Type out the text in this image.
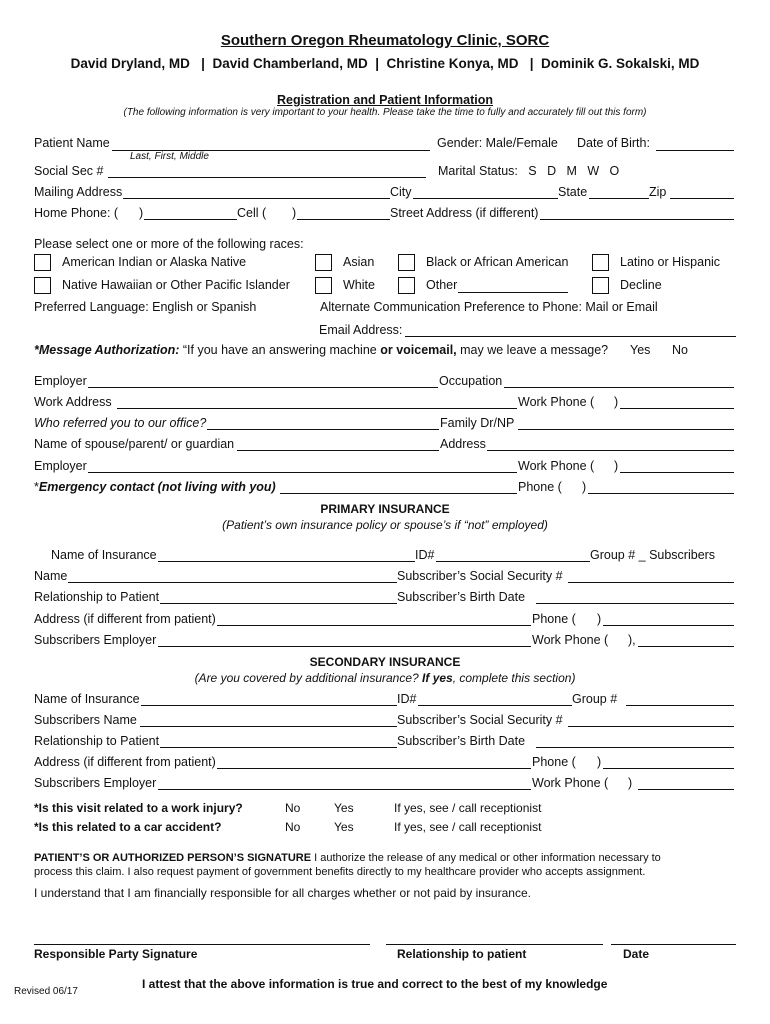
Southern Oregon Rheumatology Clinic, SORC
David Dryland, MD   |  David Chamberland, MD  |  Christine Konya, MD   |  Dominik G. Sokalski, MD
Registration and Patient Information
(The following information is very important to your health. Please take the time to fully and accurately fill out this form)
Patient Name
Last, First, Middle
Gender: Male/Female Date of Birth:
Social Sec #	Marital Status:   S   D   M   W   O
Mailing Address	City	State	Zip
Home Phone: ( )	Cell ( )	Street Address (if different)
Please select one or more of the following races:
American Indian or Alaska Native	Asian	Black or African American	Latino or Hispanic
Native Hawaiian or Other Pacific Islander	White	Other	Decline
Preferred Language: English or Spanish	Alternate Communication Preference to Phone: Mail or Email
Email Address:
*Message Authorization: “If you have an answering machine or voicemail, may we leave a message? Yes No
Employer	Occupation
Work Address	Work Phone ( )
Who referred you to our office?	Family Dr/NP
Name of spouse/parent/ or guardian	Address
Employer	Work Phone ( )
*Emergency contact (not living with you)	Phone ( )
PRIMARY INSURANCE
(Patient’s own insurance policy or spouse’s if “not” employed)
Name of Insurance	ID#	Group # _ Subscribers
Name	Subscriber’s Social Security #
Relationship to Patient	Subscriber’s Birth Date
Address (if different from patient)	Phone ( )
Subscribers Employer	Work Phone ( ),
SECONDARY INSURANCE
(Are you covered by additional insurance? If yes, complete this section)
Name of Insurance	ID#	Group #
Subscribers Name	Subscriber’s Social Security #
Relationship to Patient	Subscriber’s Birth Date
Address (if different from patient)	Phone ( )
Subscribers Employer	Work Phone ( )
*Is this visit related to a work injury?	No	Yes	If yes, see / call receptionist
*Is this related to a car accident?	No	Yes	If yes, see / call receptionist
PATIENT’S OR AUTHORIZED PERSON’S SIGNATURE I authorize the release of any medical or other information necessary to
process this claim. I also request payment of government benefits directly to my healthcare provider who accepts assignment.
I understand that I am financially responsible for all charges whether or not paid by insurance.
Responsible Party Signature	Relationship to patient	Date
I attest that the above information is true and correct to the best of my knowledge
Revised 06/17
